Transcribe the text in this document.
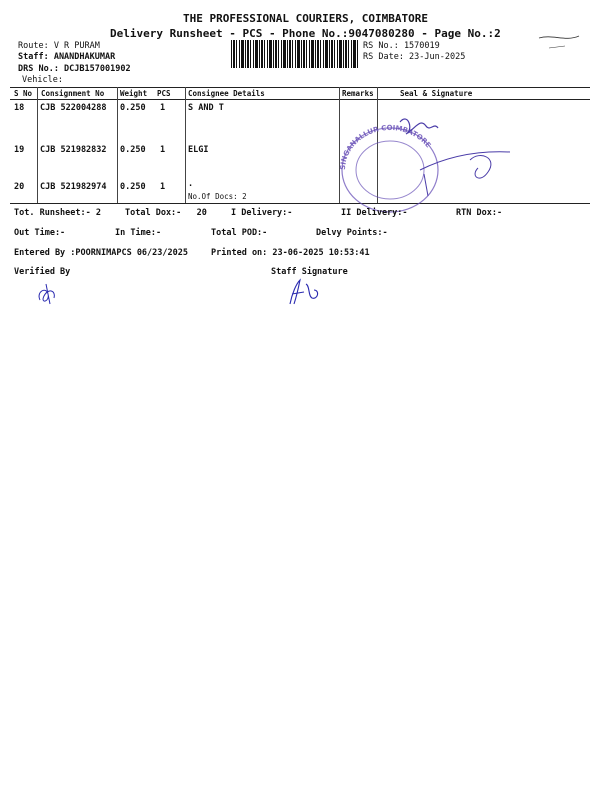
THE PROFESSIONAL COURIERS, COIMBATORE
Delivery Runsheet - PCS - Phone No.:9047080280 - Page No.:2
Route: V R PURAM
Staff: ANANDHAKUMAR
DRS No.: DCJB157001902
Vehicle:
RS No.: 1570019
RS Date: 23-Jun-2025
S No Consignment No Weight PCS Consignee Details	Remarks	Seal & Signature
18 CJB 522004288 0.250 1	S AND T
19 CJB 521982832 0.250 1	ELGI
20 CJB 521982974 0.250 1	.
No.Of Docs: 2
SINGANALLUR COIMBATORE
Tot. Runsheet:- 2	Total Dox:-   20	I Delivery:-	II Delivery:-	RTN Dox:-
Out Time:-	In Time:-	Total POD:-	Delvy Points:-
Entered By :POORNIMAPCS 06/23/2025	Printed on: 23-06-2025 10:53:41
Verified By	Staff Signature
